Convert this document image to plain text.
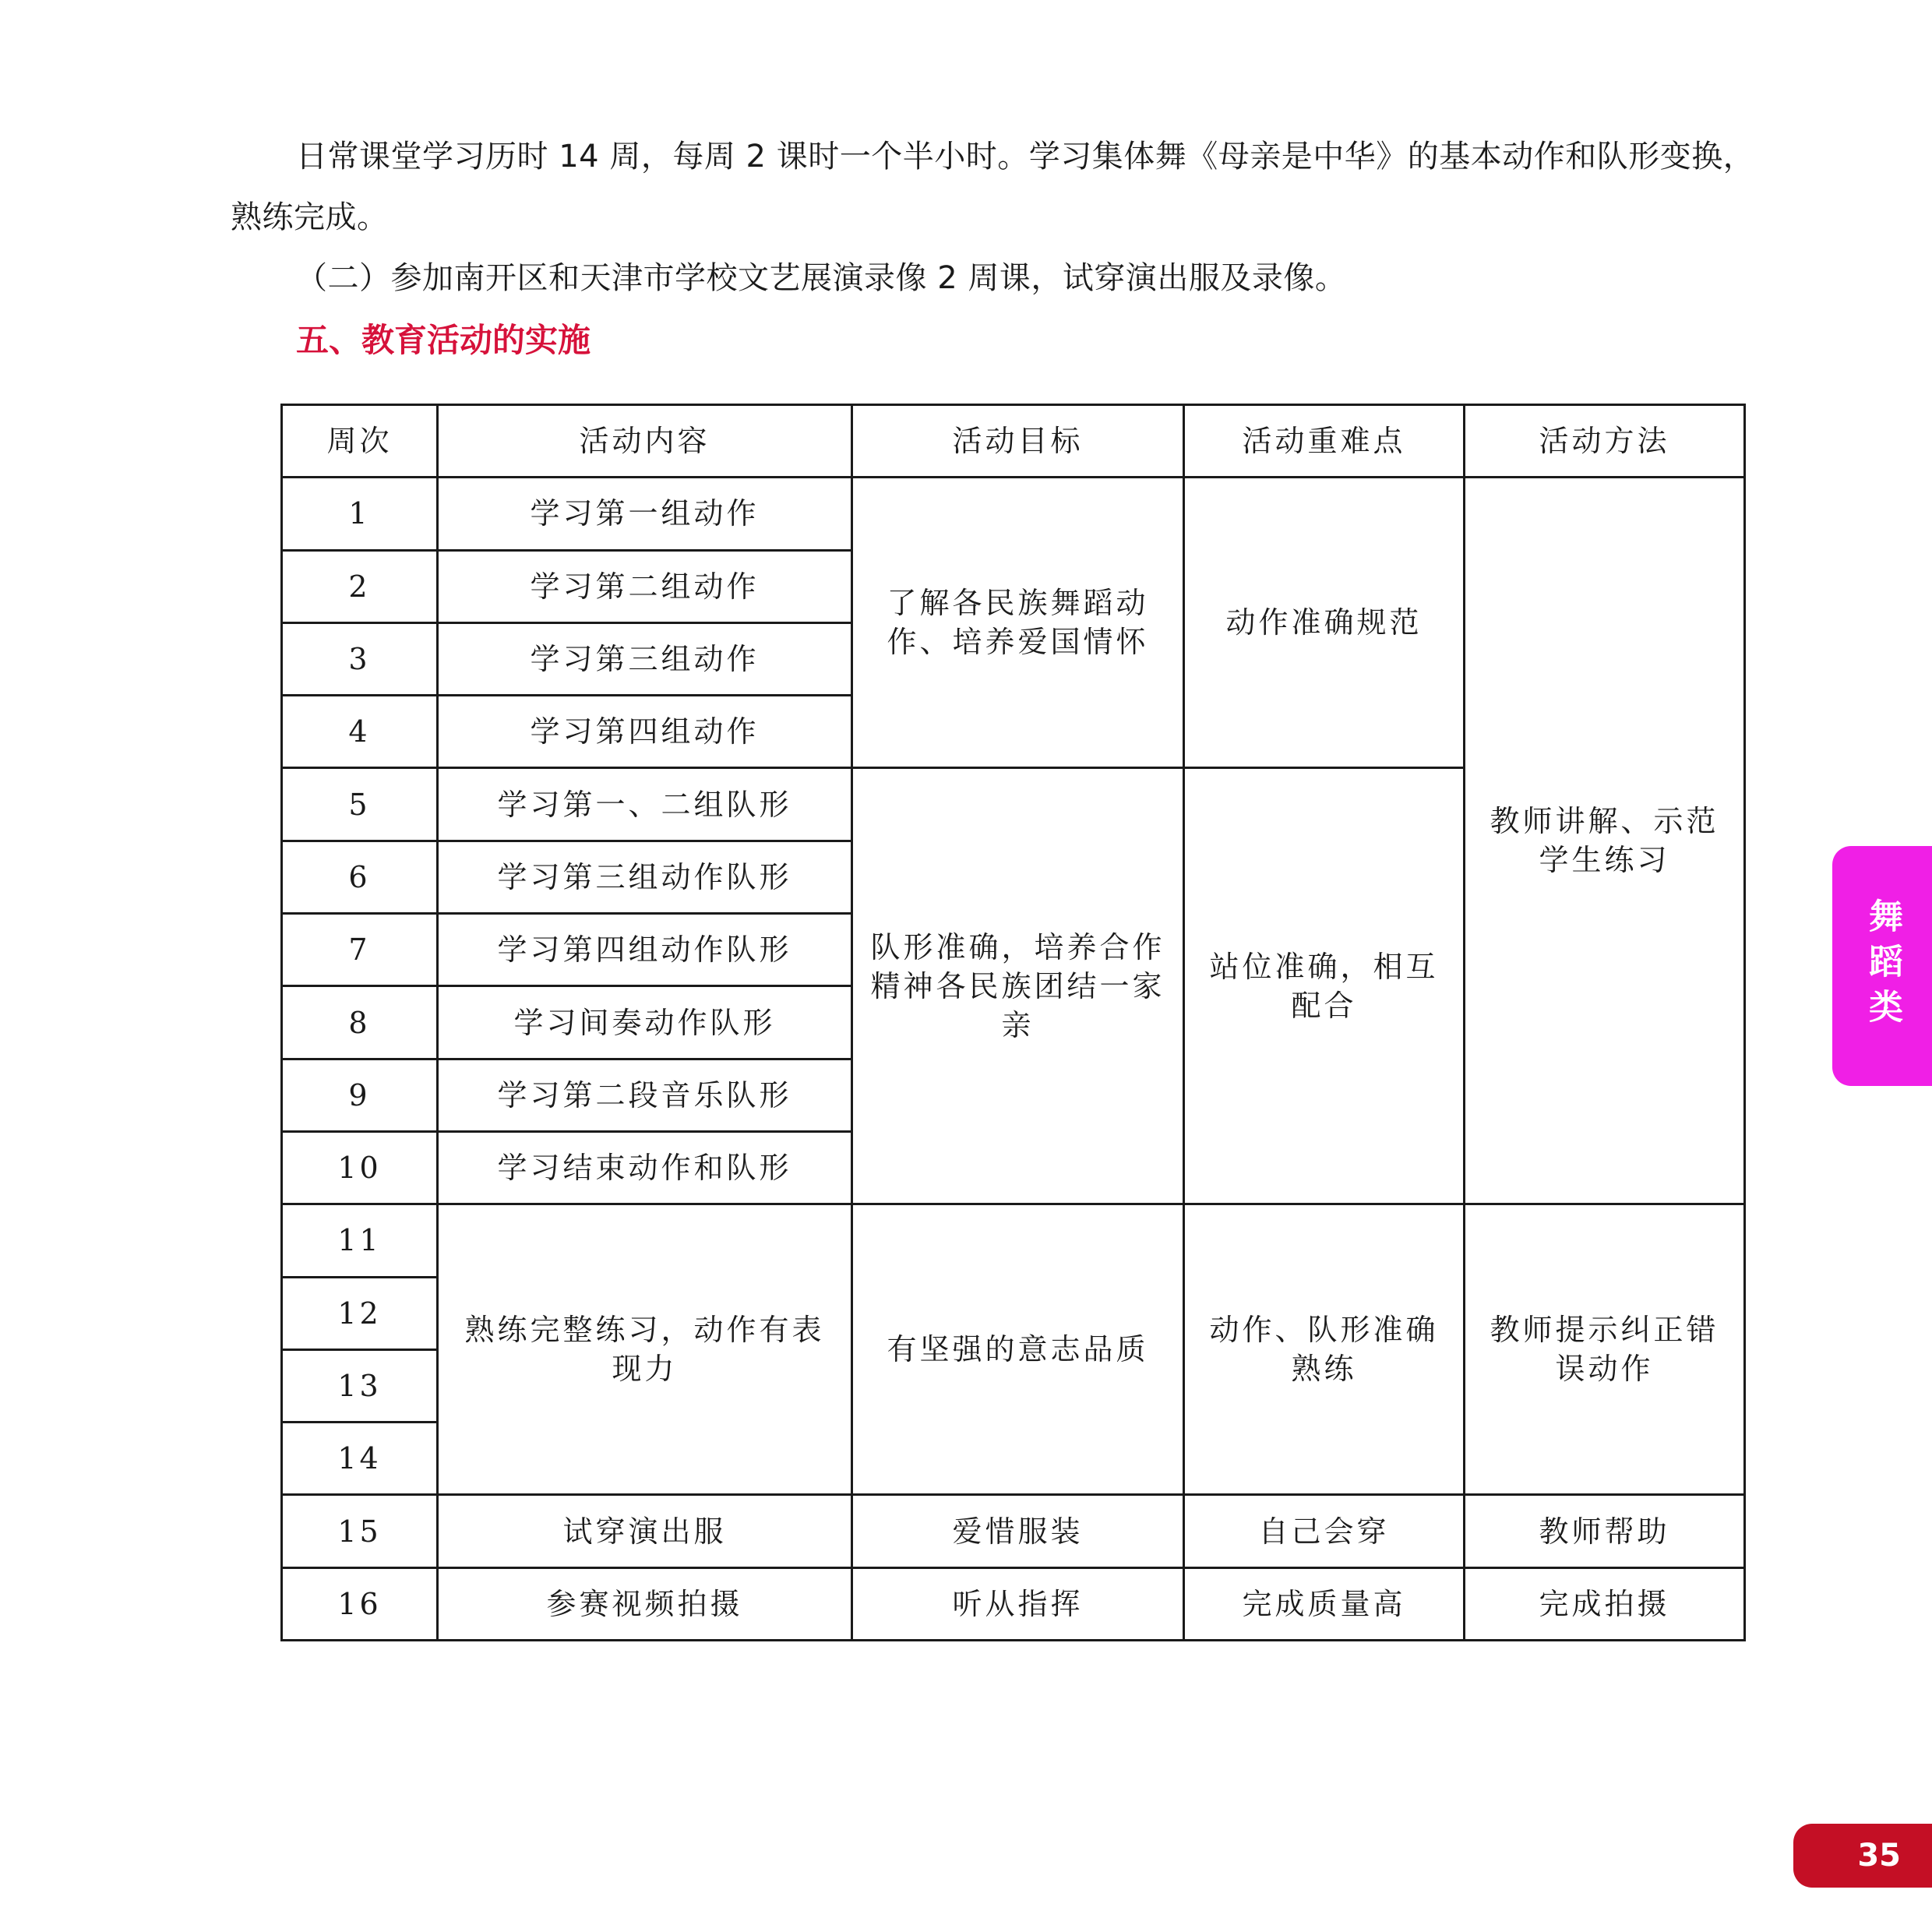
日常课堂学习历时 14 周，每周 2 课时一个半小时。学习集体舞《母亲是中华》的基本动作和队形变换，熟练完成。

（二）参加南开区和天津市学校文艺展演录像 2 周课，试穿演出服及录像。

五、教育活动的实施
周次	活动内容	活动目标	活动重难点	活动方法
1	学习第一组动作	了解各民族舞蹈动作、培养爱国情怀	动作准确规范	教师讲解、示范学生练习
2	学习第二组动作			
3	学习第三组动作			
4	学习第四组动作			
5	学习第一、二组队形	队形准确，培养合作精神各民族团结一家亲	站位准确，相互配合	
6	学习第三组动作队形			
7	学习第四组动作队形			
8	学习间奏动作队形			
9	学习第二段音乐队形			
10	学习结束动作和队形			
11	熟练完整练习，动作有表现力	有坚强的意志品质	动作、队形准确熟练	教师提示纠正错误动作
12				
13				
14				
15	试穿演出服	爱惜服装	自己会穿	教师帮助
16	参赛视频拍摄	听从指挥	完成质量高	完成拍摄
舞蹈类
35
